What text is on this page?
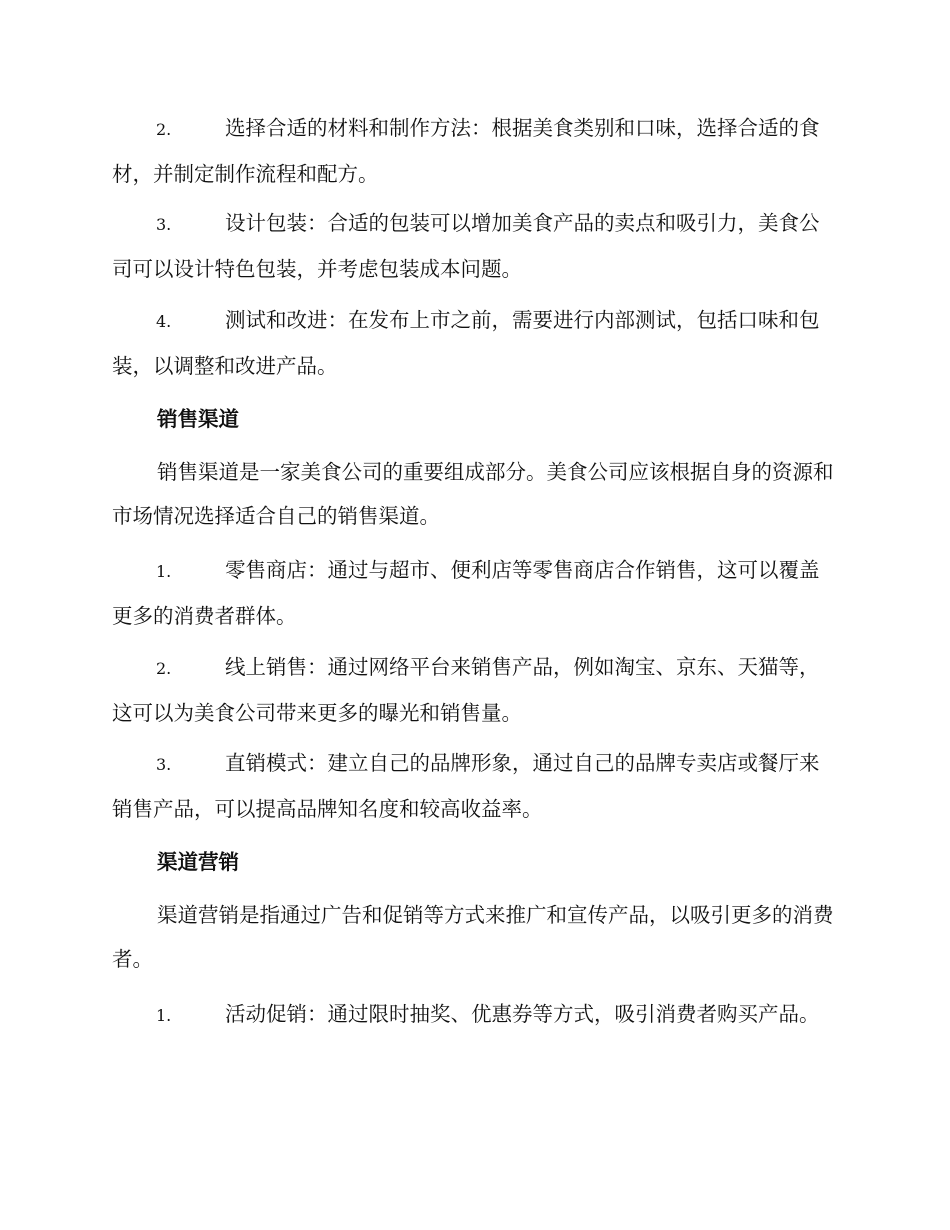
2.	选择合适的材料和制作方法：根据美食类别和口味，选择合适的食材，并制定制作流程和配方。
3.	设计包装：合适的包装可以增加美食产品的卖点和吸引力，美食公司可以设计特色包装，并考虑包装成本问题。
4.	测试和改进：在发布上市之前，需要进行内部测试，包括口味和包装，以调整和改进产品。
销售渠道
销售渠道是一家美食公司的重要组成部分。美食公司应该根据自身的资源和市场情况选择适合自己的销售渠道。
1.	零售商店：通过与超市、便利店等零售商店合作销售，这可以覆盖更多的消费者群体。
2.	线上销售：通过网络平台来销售产品，例如淘宝、京东、天猫等，这可以为美食公司带来更多的曝光和销售量。
3.	直销模式：建立自己的品牌形象，通过自己的品牌专卖店或餐厅来销售产品，可以提高品牌知名度和较高收益率。
渠道营销
渠道营销是指通过广告和促销等方式来推广和宣传产品，以吸引更多的消费者。
1.	活动促销：通过限时抽奖、优惠券等方式，吸引消费者购买产品。
